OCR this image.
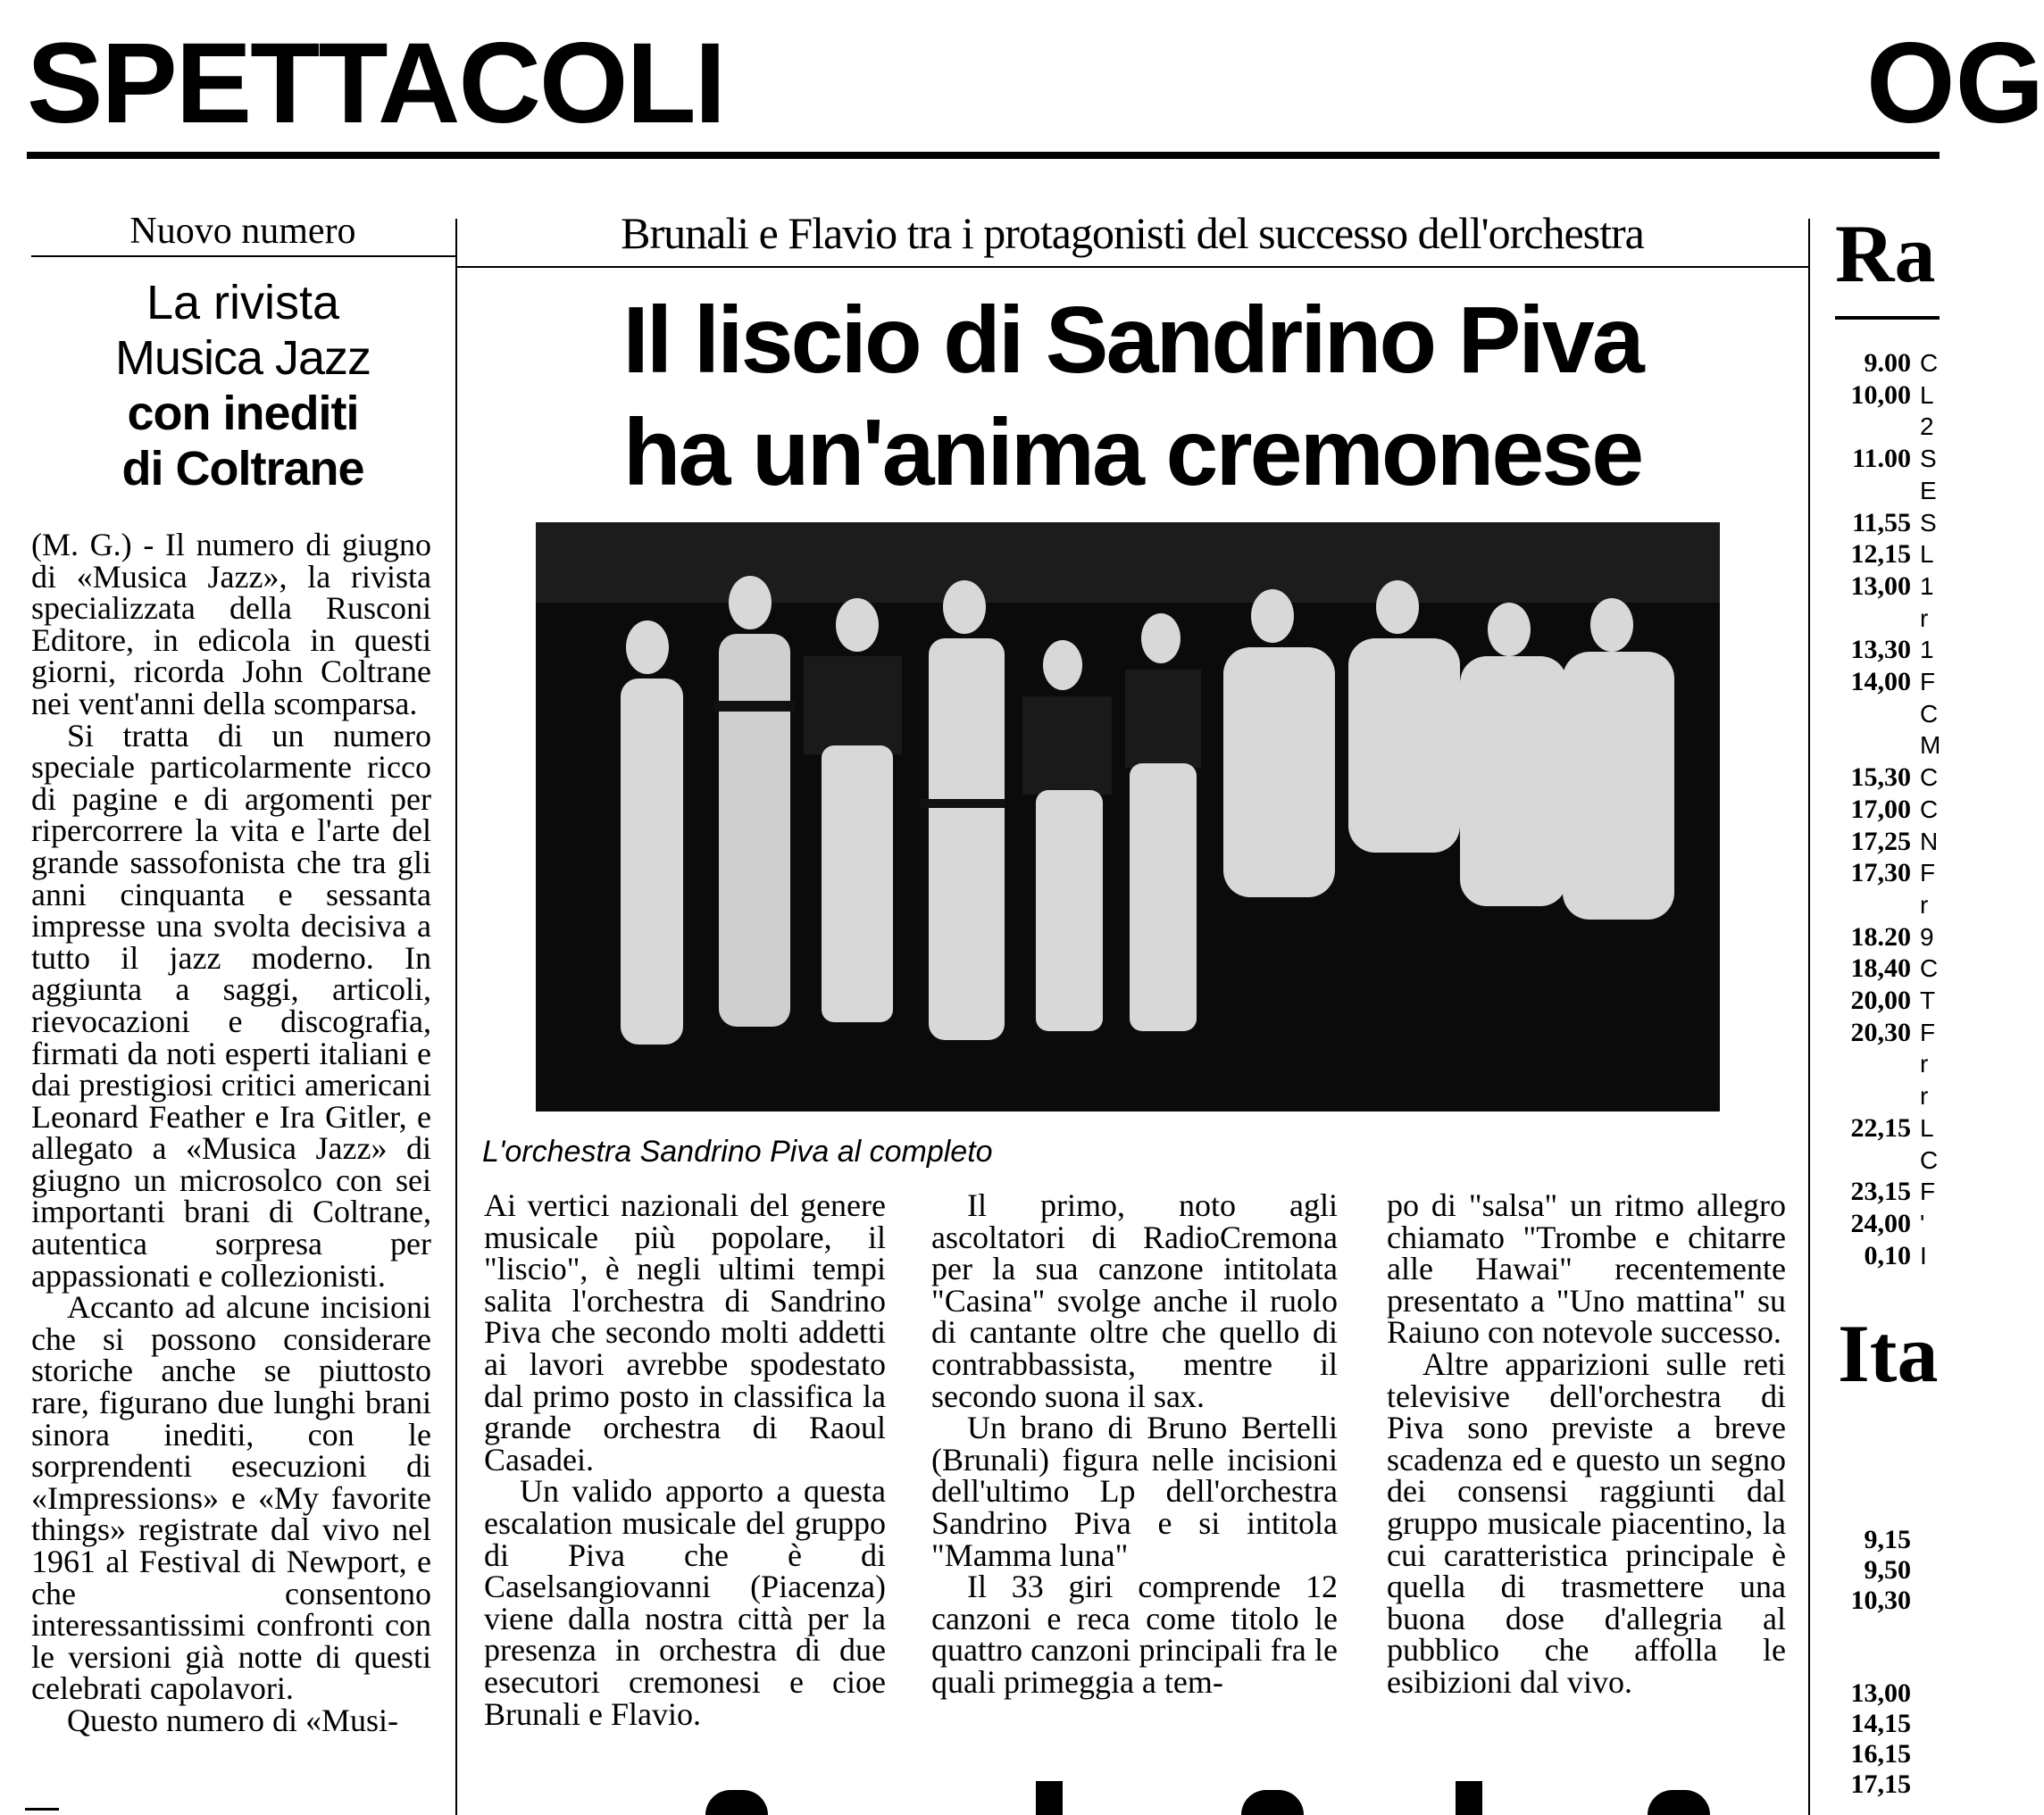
SPETTACOLI	OG
Nuovo numero
La rivista
Musica Jazz
con inediti
di Coltrane

(M. G.) - Il numero di giugno di «Musica Jazz», la rivista specializzata della Rusconi Editore, in edicola in questi giorni, ricorda John Coltrane nei vent'anni della scomparsa.

Si tratta di un numero speciale particolarmente ricco di pagine e di argomenti per ripercorrere la vita e l'arte del grande sassofonista che tra gli anni cinquanta e sessanta impresse una svolta decisiva a tutto il jazz moderno. In aggiunta a saggi, articoli, rievocazioni e discografia, firmati da noti esperti italiani e dai prestigiosi critici americani Leonard Feather e Ira Gitler, e allegato a «Musica Jazz» di giugno un microsolco con sei importanti brani di Coltrane, autentica sorpresa per appassionati e collezionisti.

Accanto ad alcune incisioni che si possono considerare storiche anche se piuttosto rare, figurano due lunghi brani sinora inediti, con le sorprendenti esecuzioni di «Impressions» e «My favorite things» registrate dal vivo nel 1961 al Festival di Newport, e che consentono interessantissimi confronti con le versioni già notte di questi celebrati capolavori.

Questo numero di «Musi-

Brunali e Flavio tra i protagonisti del successo dell'orchestra
Il liscio di Sandrino Piva
ha un'anima cremonese
L'orchestra Sandrino Piva al completo

Ai vertici nazionali del genere musicale più popolare, il "liscio", è negli ultimi tempi salita l'orchestra di Sandrino Piva che secondo molti addetti ai lavori avrebbe spodestato dal primo posto in classifica la grande orchestra di Raoul Casadei.

Un valido apporto a questa escalation musicale del gruppo di Piva che è di Caselsangiovanni (Piacenza) viene dalla nostra città per la presenza in orchestra di due esecutori cremonesi e cioe Brunali e Flavio.

Il primo, noto agli ascoltatori di RadioCremona per la sua canzone intitolata "Casina" svolge anche il ruolo di cantante oltre che quello di contrabbassista, mentre il secondo suona il sax.

Un brano di Bruno Bertelli (Brunali) figura nelle incisioni dell'ultimo Lp dell'orchestra Sandrino Piva e si intitola "Mamma luna"

Il 33 giri comprende 12 canzoni e reca come titolo le quattro canzoni principali fra le quali primeggia a tem-

po di "salsa" un ritmo allegro chiamato "Trombe e chitarre alle Hawai" recentemente presentato a "Uno mattina" su Raiuno con notevole successo.

Altre apparizioni sulle reti televisive dell'orchestra di Piva sono previste a breve scadenza ed e questo un segno dei consensi raggiunti dal gruppo musicale piacentino, la cui caratteristica principale è quella di trasmettere una buona dose d'allegria al pubblico che affolla le esibizioni dal vivo.

Ra
9.00 C
10,00 L
2
11.00 S
E
11,55 S
12,15 L
13,00 1
r
13,30 1
14,00 F
C
M
15,30 C
17,00 C
17,25 N
17,30 F
r
18.20 9
18,40 C
20,00 T
20,30 F
r
r
22,15 L
C
23,15 F
24,00 '
0,10 I
Ita
9,15
9,50
10,30
13,00
14,15
16,15
17,15
